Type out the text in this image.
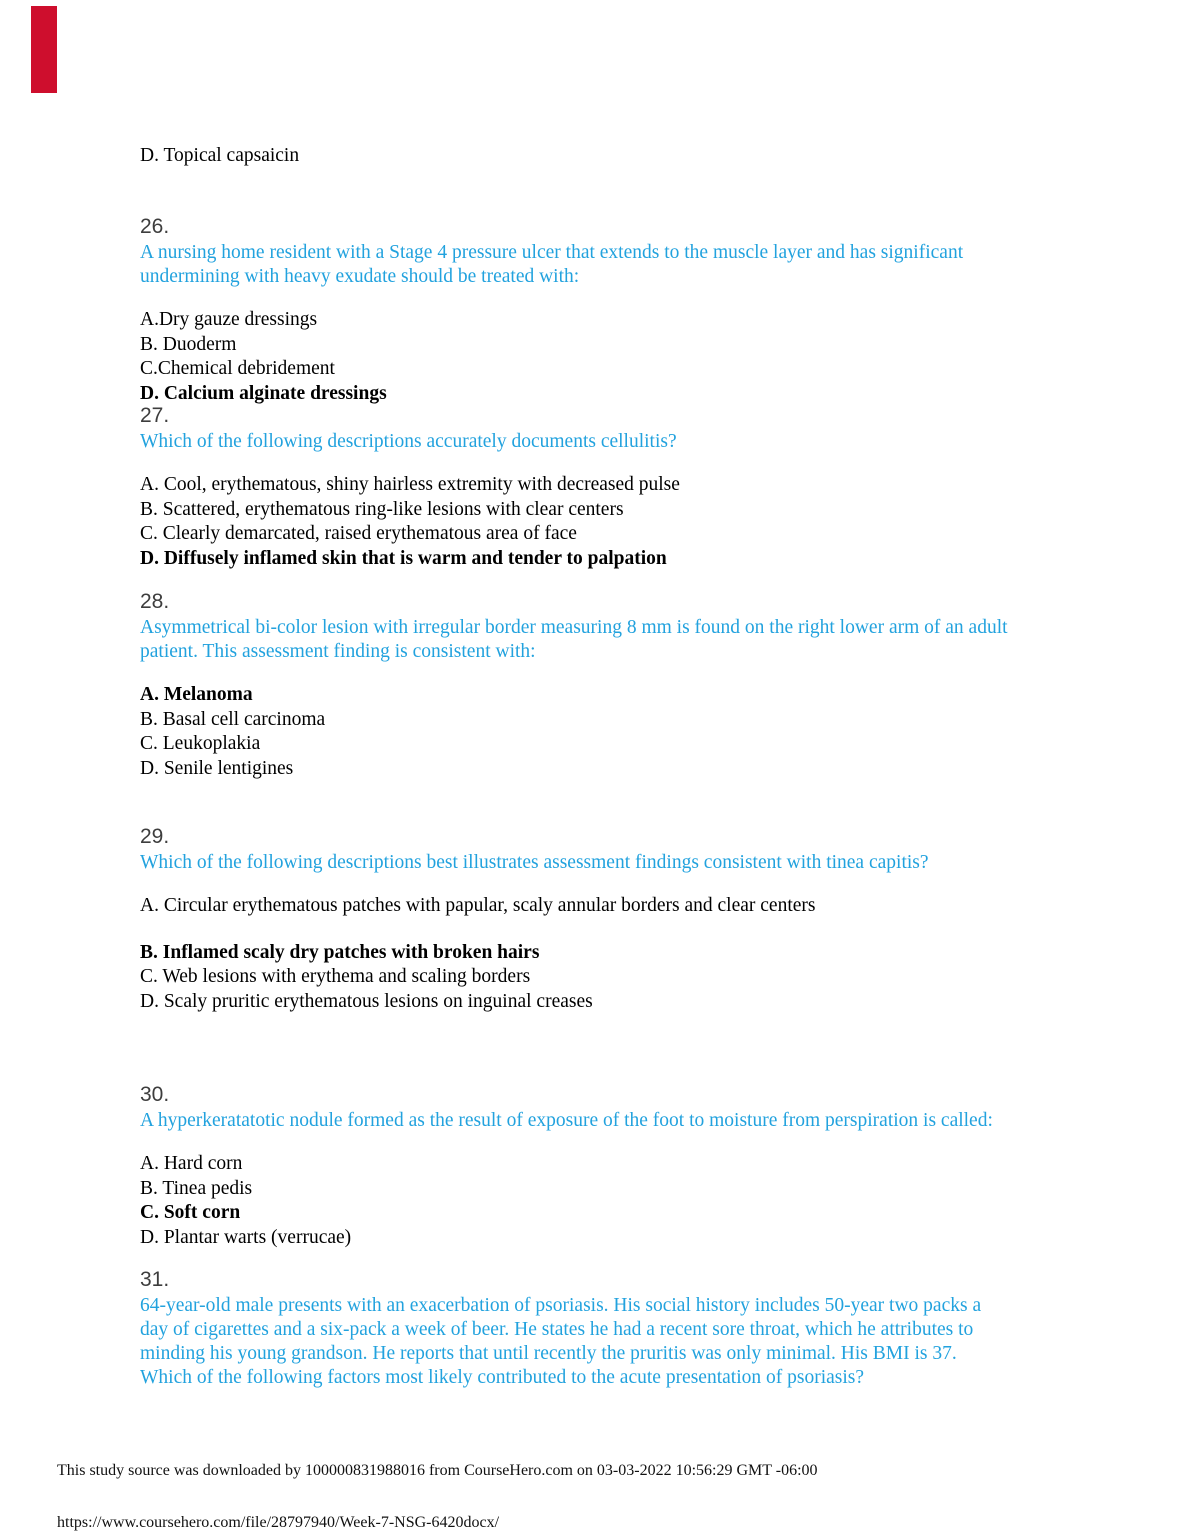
D. Topical capsaicin
26.
A nursing home resident with a Stage 4 pressure ulcer that extends to the muscle layer and has significant
undermining with heavy exudate should be treated with:
A.Dry gauze dressings
B. Duoderm
C.Chemical debridement
D. Calcium alginate dressings
27.
Which of the following descriptions accurately documents cellulitis?
A. Cool, erythematous, shiny hairless extremity with decreased pulse
B. Scattered, erythematous ring-like lesions with clear centers
C. Clearly demarcated, raised erythematous area of face
D. Diffusely inflamed skin that is warm and tender to palpation
28.
Asymmetrical bi-color lesion with irregular border measuring 8 mm is found on the right lower arm of an adult
patient. This assessment finding is consistent with:
A. Melanoma
B. Basal cell carcinoma
C. Leukoplakia
D. Senile lentigines
29.
Which of the following descriptions best illustrates assessment findings consistent with tinea capitis?
A. Circular erythematous patches with papular, scaly annular borders and clear centers
B. Inflamed scaly dry patches with broken hairs
C. Web lesions with erythema and scaling borders
D. Scaly pruritic erythematous lesions on inguinal creases
30.
A hyperkeratatotic nodule formed as the result of exposure of the foot to moisture from perspiration is called:
A. Hard corn
B. Tinea pedis
C. Soft corn
D. Plantar warts (verrucae)
31.
64-year-old male presents with an exacerbation of psoriasis. His social history includes 50-year two packs a
day of cigarettes and a six-pack a week of beer. He states he had a recent sore throat, which he attributes to
minding his young grandson. He reports that until recently the pruritis was only minimal. His BMI is 37.
Which of the following factors most likely contributed to the acute presentation of psoriasis?
This study source was downloaded by 100000831988016 from CourseHero.com on 03-03-2022 10:56:29 GMT -06:00
https://www.coursehero.com/file/28797940/Week-7-NSG-6420docx/
